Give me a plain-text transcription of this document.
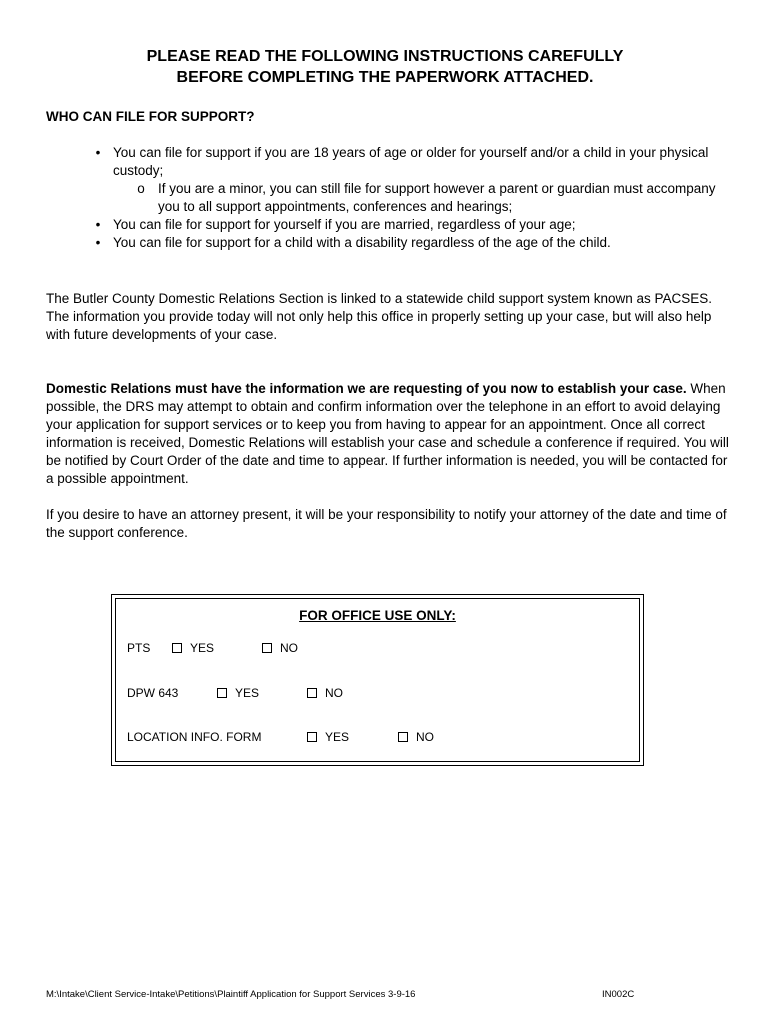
PLEASE READ THE FOLLOWING INSTRUCTIONS CAREFULLY
BEFORE COMPLETING THE PAPERWORK ATTACHED.
WHO CAN FILE FOR SUPPORT?
• You can file for support if you are 18 years of age or older for yourself and/or a child in your physical custody;
o If you are a minor, you can still file for support however a parent or guardian must accompany you to all support appointments, conferences and hearings;
• You can file for support for yourself if you are married, regardless of your age;
• You can file for support for a child with a disability regardless of the age of the child.
The Butler County Domestic Relations Section is linked to a statewide child support system known as PACSES. The information you provide today will not only help this office in properly setting up your case, but will also help with future developments of your case.
Domestic Relations must have the information we are requesting of you now to establish your case. When possible, the DRS may attempt to obtain and confirm information over the telephone in an effort to avoid delaying your application for support services or to keep you from having to appear for an appointment. Once all correct information is received, Domestic Relations will establish your case and schedule a conference if required. You will be notified by Court Order of the date and time to appear. If further information is needed, you will be contacted for a possible appointment.
If you desire to have an attorney present, it will be your responsibility to notify your attorney of the date and time of the support conference.
FOR OFFICE USE ONLY:
PTS	YES	NO
DPW 643	YES	NO
LOCATION INFO. FORM	YES	NO
M:\Intake\Client Service-Intake\Petitions\Plaintiff Application for Support Services 3-9-16	IN002C
